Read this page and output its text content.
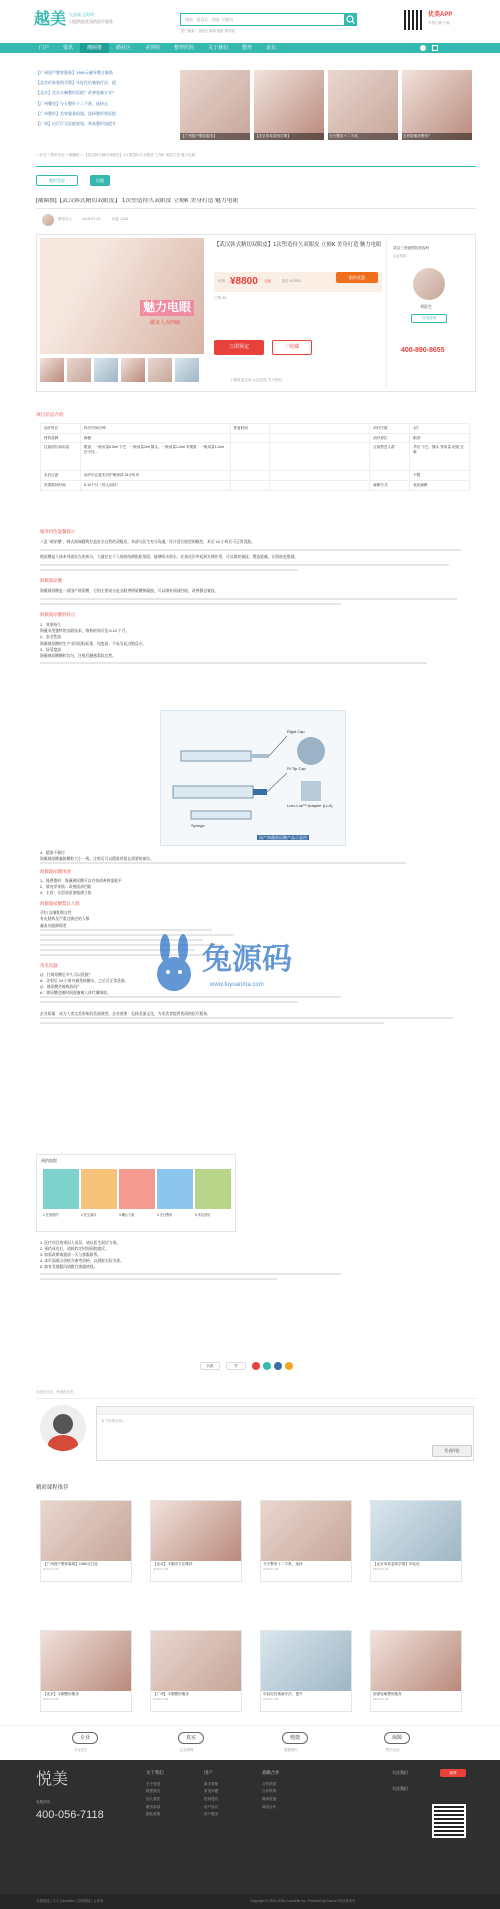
越美 大品质 正时尚
只提供最优质的医疗服务	搜索 · 提高后...搜索 关键词
热门搜索：双眼皮 隆鼻 瘦脸 玻尿酸
优美APP
手机扫码下载
门户	资讯	潮圈推	婚社区	美容院	整形医院	关于我们	整形	论坛
【广州国产整容服务】1980元磁导整合眼袋
【北京形象鉴别学策】年轻化抗皱新疗法，提
【北京】北京丰胸整形医院？改善轮廓五官？
【广州哪里】今天整形十二不准，选择去
【广州整形】美容服务机器，选择整形要医院
【广州】出行行全医院规划，带高整形加提升
【广州国产整容服务】	【北京形象鉴别学策】	今天整容十二不准，	去医院哪里整形？
> 首页 > 整形美容 > 潮圈推 > 【武汉韩式精切双眼皮】1次塑造持久双眼皮 立刻K 美肤打造 魅力电眼
整形美容	问题
[潮圈推]【武汉韩式精切双眼皮】 1次塑造持久双眼皮 立刻K 美身打造 魅力电眼
整形美人	2016-07-29	浏览 1234
魅力电眼
做美人点四味
【武汉韩式精切双眼皮】1次塑造持久双眼皮 立刻K 美身打造 魅力电眼
价格 ¥8800 元起	原价 ¥12800
限时优惠
已售 39
立即预定	♡ 收藏
不满意退全部 认证医院 先行赔付
武汉三甲级医院美容科
认证机构
刘医生
在线咨询
400-890-8655
项目信息介绍
治疗时长	每次约30分钟	恢复时间	治疗次数	1次
材料品牌	海薇	治疗部位	眼部
注射部位和用量	眼部，一般用量0.5ml 下巴：一般用量2ml 额头，一般用量1-2ml 苹果肌：一般用量1-2ml 法令纹...
注射禁忌人群	孕妇 下巴、额头 等用量 疤痕 过敏
术后注意	治疗后注意术后护理事项 24小时内	不限
效果维持时间	5-12个月（因人而异）	麻醉方式	表皮麻醉
服务特色温馨提示
八直 "玻尿酸"，韩式高端精致打造安全自然的双眼皮。术前与医生充分沟通，设计适合脸型的眼型，术后 24 小时后可正常洗脸。
玻尿酸是人体本身就存在的成分，大量存在于人体的结缔组织里面，能够吸水锁水，在真皮层中起到支撑作用，可以填充皱纹、塑造轮廓，让肌肤更饱满。
海薇玻尿酸
海薇玻尿酸是一款国产玻尿酸，它的主要成分是交联透明质酸钠凝胶，可以填补面部凹陷，改善静态皱纹。
海薇玻尿酸的特点
1、效果持久
海薇采用独特的交联技术，维持时间可达 6-12 个月。
2、安全性高
海薇玻尿酸的生产采用国际标准，纯度高，不易引起过敏反应。
3、舒适度高
海薇玻尿酸颗粒均匀，注射后触感柔软自然。
Rigid Cap
Ri Tip Cap
Luer-Lok™ Adapter (LLA)
Syringe
国产海薇玻尿酸产品示意图
4、精准不移位
海薇玻尿酸凝胶颗粒大小一致，注射后可以精准停留在需要的部位。
海薇玻尿酸用途
1、隆鼻塑形：海薇玻尿酸可以有效改善鼻梁低平
2、填充苹果肌：改善面部凹陷
3、丰唇：让唇部更加饱满立体
海薇玻尿酸禁忌人群：
孕妇 及哺乳期女性
有皮肤病及严重过敏史的人群
凝血功能障碍者
常见问题
Q：打玻尿酸后多久可以洗脸？
A：注射后 24 小时内避免接触水，之后可正常洗脸。
Q：玻尿酸会被吸收吗？
A：玻尿酸会随时间逐渐被人体代谢吸收。
企业质量：成为人类完美形象的美丽使者。企业使命：弘扬美丽文化，为求美者提供优质的医疗服务。
兔源码
www.tuyuanma.com
预约流程
1 在线预约	2 医生面诊	3 确认方案	4 支付费用	5 术后回访
1. 医疗项目效果因人而异，请以医生面诊为准。
2. 预约成功后，请按约定时间到院就诊。
3. 如需改期请提前一天与客服联系。
4. 本页面展示价格为参考价格，以到院实际为准。
5. 如有其他疑问请拨打客服热线。
收藏	赞
还没有评论，快来抢沙发
写下你的评论...
发表评论
精彩课程推荐
【广州国产整体隆鼻】1980元打造
2016-07-29
【北京】丰胸多方法维持
2016-07-29
今天整形十二不准，选择
2016-07-29
【北京形象鉴别学策】年轻化
2016-07-29
【北京】丰胸整形服务
2016-07-29
【广州】丰胸整形服务
2016-07-29
年轻化抗皱新疗法，提升
2016-07-29
面部轮廓整形服务
2016-07-29
专业
专业医生
真实
正品保障
便捷
便捷预约
保障
售后无忧
悦美
客服热线
400-056-7118
关于我们
关于悦美
联系我们
加入我们
服务条款
隐私政策
用户
新手帮助
常见问题
投诉建议
用户协议
用户服务
战略合作
合作医院
合作机构
媒体报道
商务合作
关注我们	微博
关注我们
友情链接 | 关于 | ArchiveI | 友情链接 | 合作商	Copyright © 2013-2016 Cosmetic Inc. Powered by Discuz! 网站备案号
